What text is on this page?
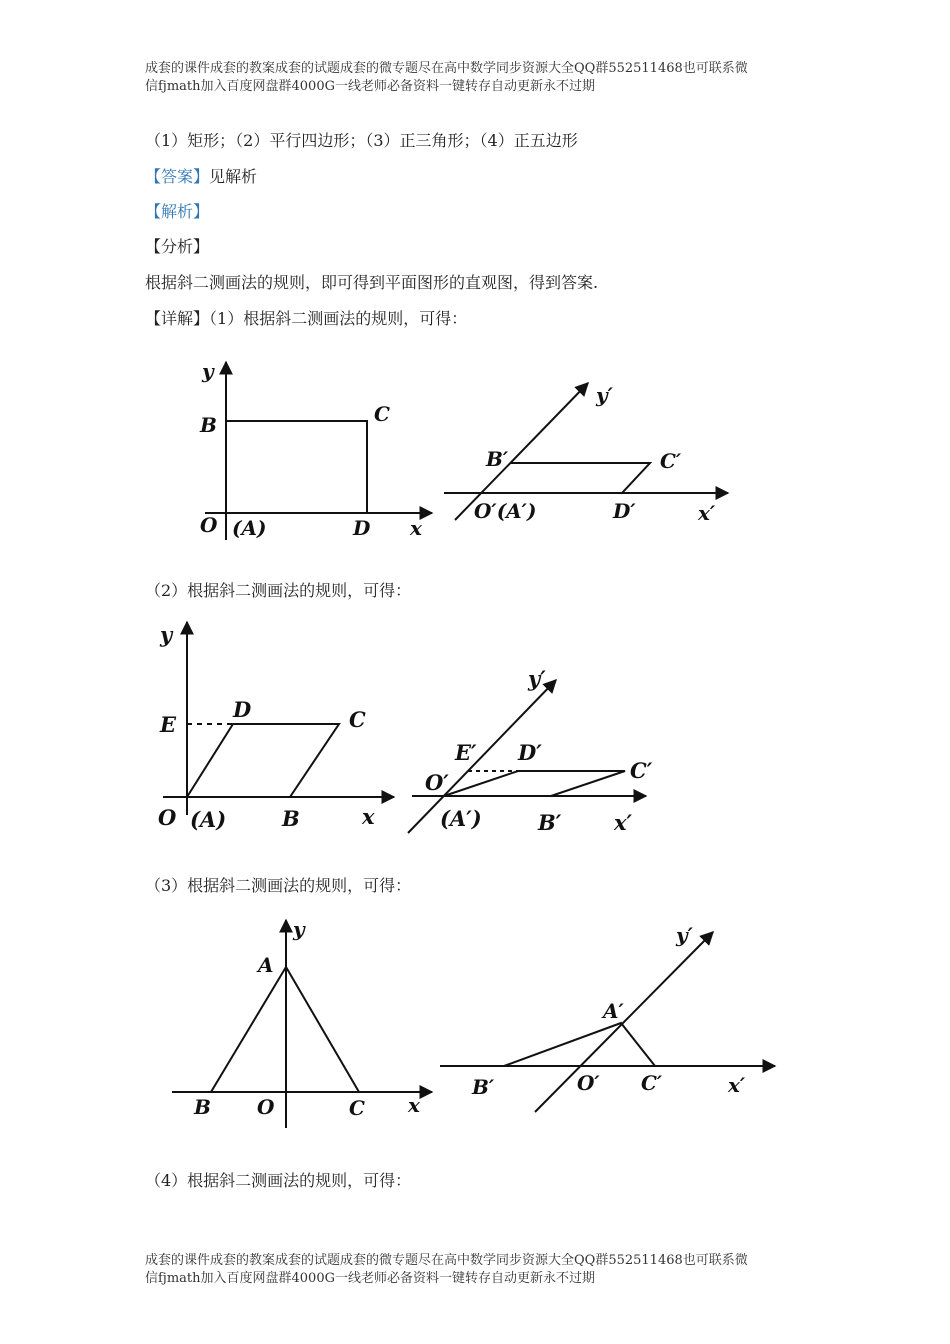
成套的课件成套的教案成套的试题成套的微专题尽在高中数学同步资源大全QQ群552511468也可联系微
信fjmath加入百度网盘群4000G一线老师必备资料一键转存自动更新永不过期
（1）矩形；（2）平行四边形；（3）正三角形；（4）正五边形
【答案】见解析
【解析】
【分析】
根据斜二测画法的规则，即可得到平面图形的直观图，得到答案.
【详解】（1）根据斜二测画法的规则，可得：
y
B	C
O (A)	D x
y′
B′	C′
O′(A′)	D′	x′
（2）根据斜二测画法的规则，可得：
y
E
D	C
O (A)	B	x
y′
E′ D′
C′
O′
(A′)	B′	x′
（3）根据斜二测画法的规则，可得：
y
A
B O	C x
y′
A′
B′	O′ C′	x′
（4）根据斜二测画法的规则，可得：
成套的课件成套的教案成套的试题成套的微专题尽在高中数学同步资源大全QQ群552511468也可联系微
信fjmath加入百度网盘群4000G一线老师必备资料一键转存自动更新永不过期
